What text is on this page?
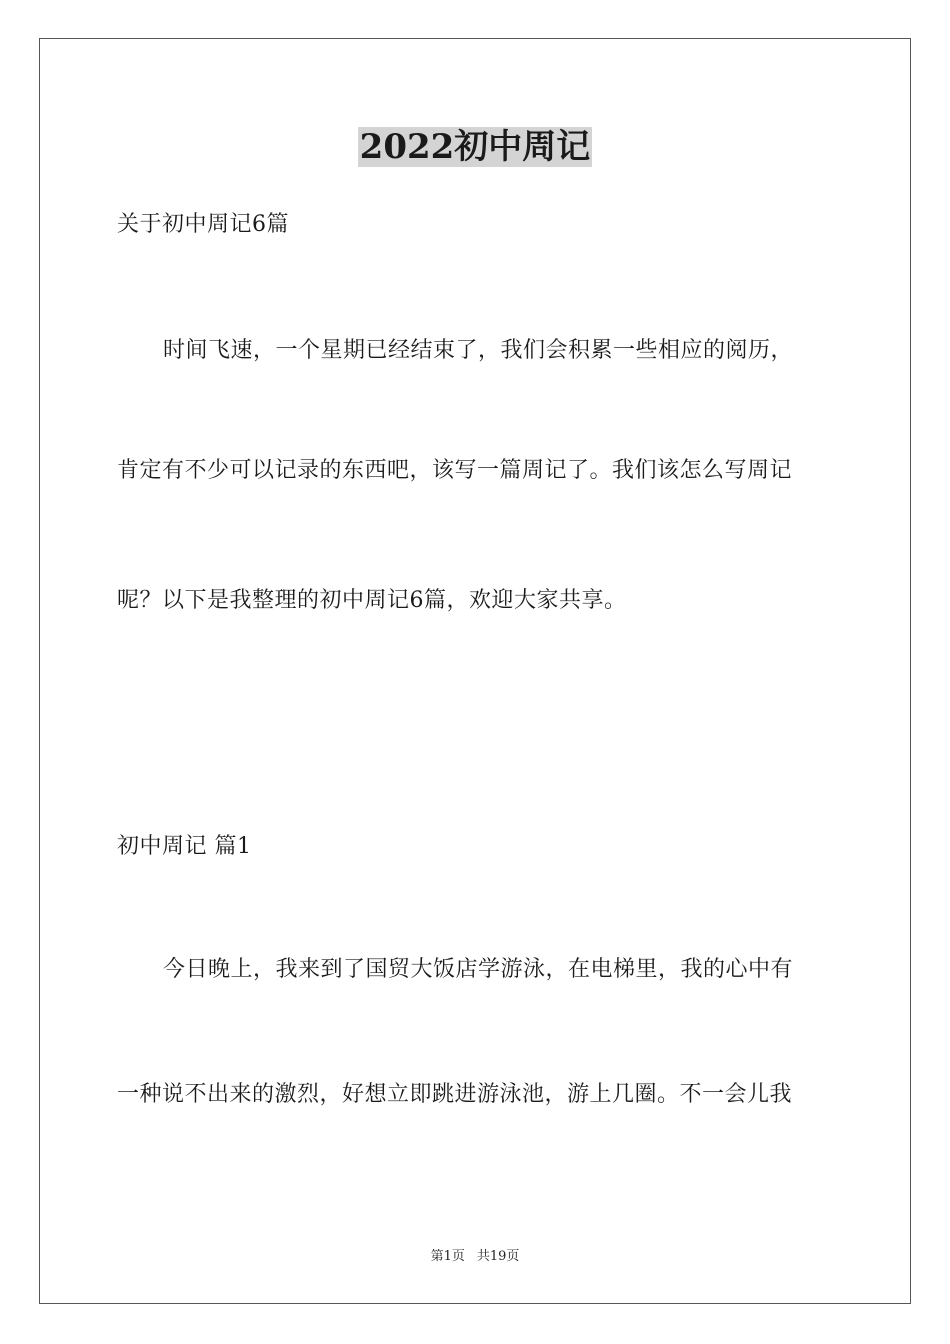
2022初中周记

关于初中周记6篇

时间飞速，一个星期已经结束了，我们会积累一些相应的阅历，

肯定有不少可以记录的东西吧，该写一篇周记了。我们该怎么写周记

呢？以下是我整理的初中周记6篇，欢迎大家共享。

初中周记 篇1

今日晚上，我来到了国贸大饭店学游泳，在电梯里，我的心中有

一种说不出来的激烈，好想立即跳进游泳池，游上几圈。不一会儿我

第1页 共19页
